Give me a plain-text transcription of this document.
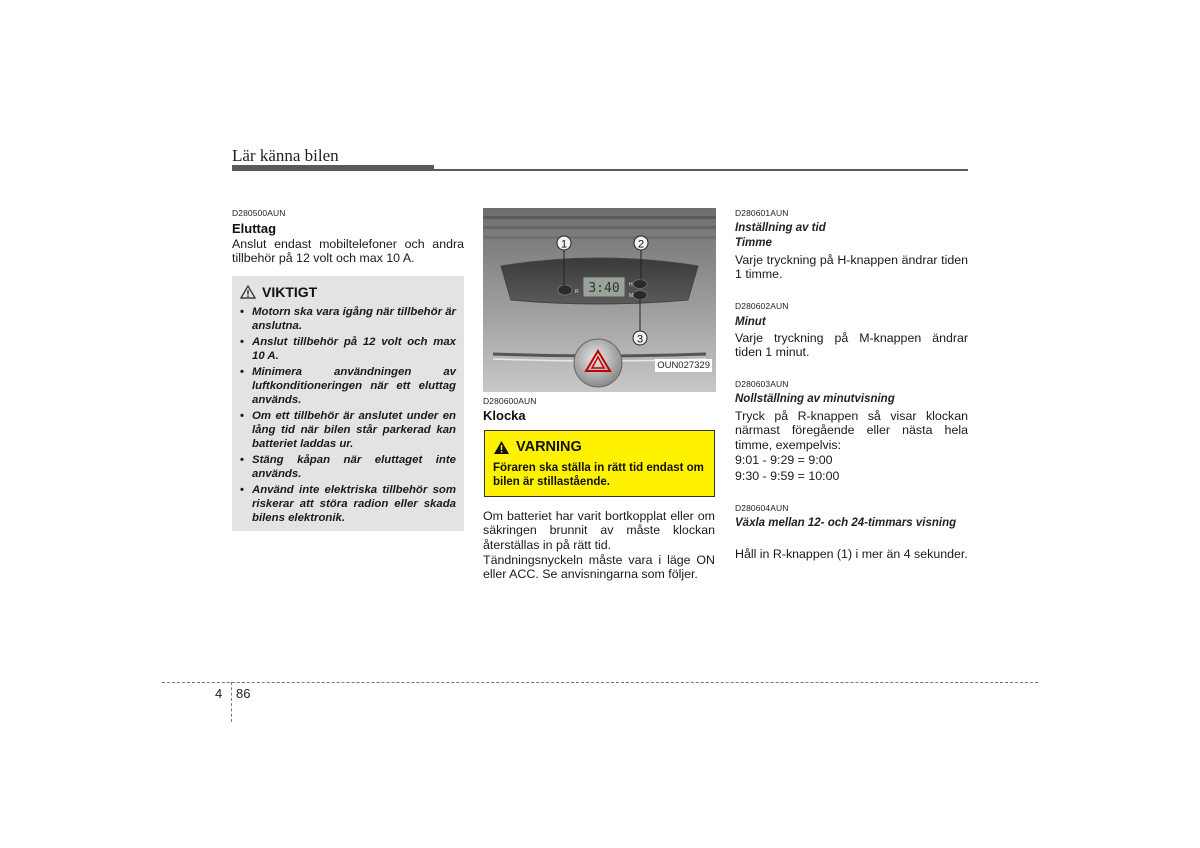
Lär känna bilen
D280500AUN
Eluttag
Anslut endast mobiltelefoner och andra tillbehör på 12 volt och max 10 A.
VIKTIGT
• Motorn ska vara igång när tillbehör är anslutna.
• Anslut tillbehör på 12 volt och max 10 A.
• Minimera användningen av luftkonditioneringen när ett eluttag används.
• Om ett tillbehör är anslutet under en lång tid när bilen står parkerad kan batteriet laddas ur.
• Stäng kåpan när eluttaget inte används.
• Använd inte elektriska tillbehör som riskerar att störa radion eller skada bilens elektronik.
3:40
R
H
M
1	2
3
OUN027329
D280600AUN
Klocka
VARNING
Föraren ska ställa in rätt tid endast om bilen är stillastående.
Om batteriet har varit bortkopplat eller om säkringen brunnit av måste klockan återställas in på rätt tid.
Tändningsnyckeln måste vara i läge ON eller ACC. Se anvisningarna som följer.
D280601AUN
Inställning av tid
Timme
Varje tryckning på H-knappen ändrar tiden 1 timme.
D280602AUN
Minut
Varje tryckning på M-knappen ändrar tiden 1 minut.
D280603AUN
Nollställning av minutvisning
Tryck på R-knappen så visar klockan närmast föregående eller nästa hela timme, exempelvis:
9:01 - 9:29 = 9:00
9:30 - 9:59 = 10:00
D280604AUN
Växla mellan 12- och 24-timmars visning
Håll in R-knappen (1) i mer än 4 sekunder.
4 86
